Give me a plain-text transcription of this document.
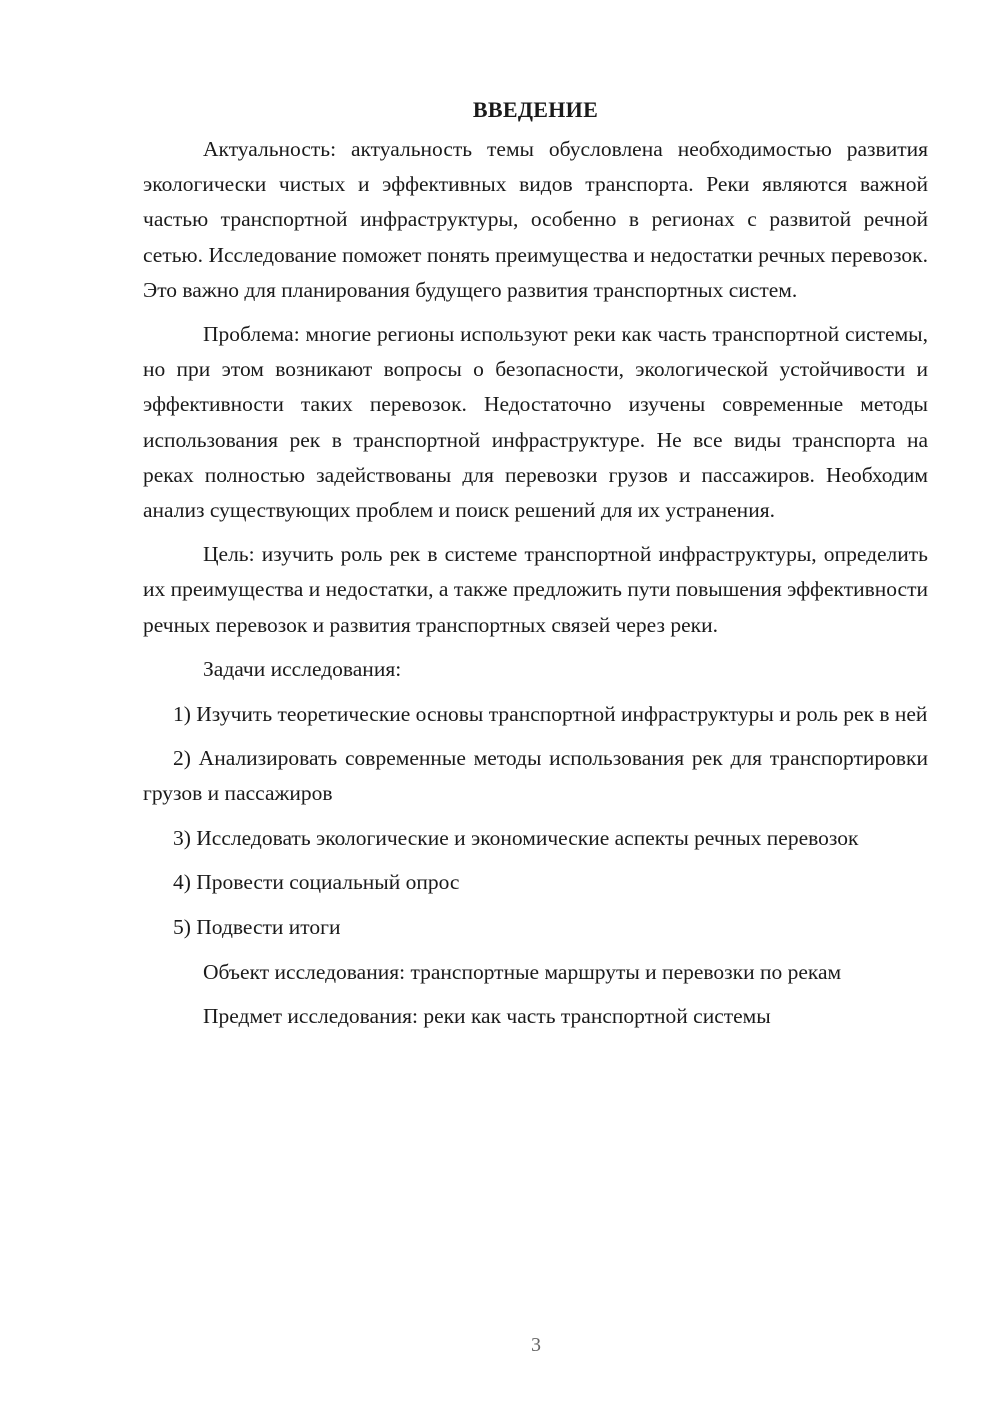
ВВЕДЕНИЕ

Актуальность: актуальность темы обусловлена необходимостью развития экологически чистых и эффективных видов транспорта. Реки являются важной частью транспортной инфраструктуры, особенно в регионах с развитой речной сетью. Исследование поможет понять преимущества и недостатки речных перевозок. Это важно для планирования будущего развития транспортных систем.

Проблема: многие регионы используют реки как часть транспортной системы, но при этом возникают вопросы о безопасности, экологической устойчивости и эффективности таких перевозок. Недостаточно изучены современные методы использования рек в транспортной инфраструктуре. Не все виды транспорта на реках полностью задействованы для перевозки грузов и пассажиров. Необходим анализ существующих проблем и поиск решений для их устранения.

Цель: изучить роль рек в системе транспортной инфраструктуры, определить их преимущества и недостатки, а также предложить пути повышения эффективности речных перевозок и развития транспортных связей через реки.

Задачи исследования:

1) Изучить теоретические основы транспортной инфраструктуры и роль рек в ней

2) Анализировать современные методы использования рек для транспортировки грузов и пассажиров

3) Исследовать экологические и экономические аспекты речных перевозок

4) Провести социальный опрос

5) Подвести итоги

Объект исследования: транспортные маршруты и перевозки по рекам

Предмет исследования: реки как часть транспортной системы

3
